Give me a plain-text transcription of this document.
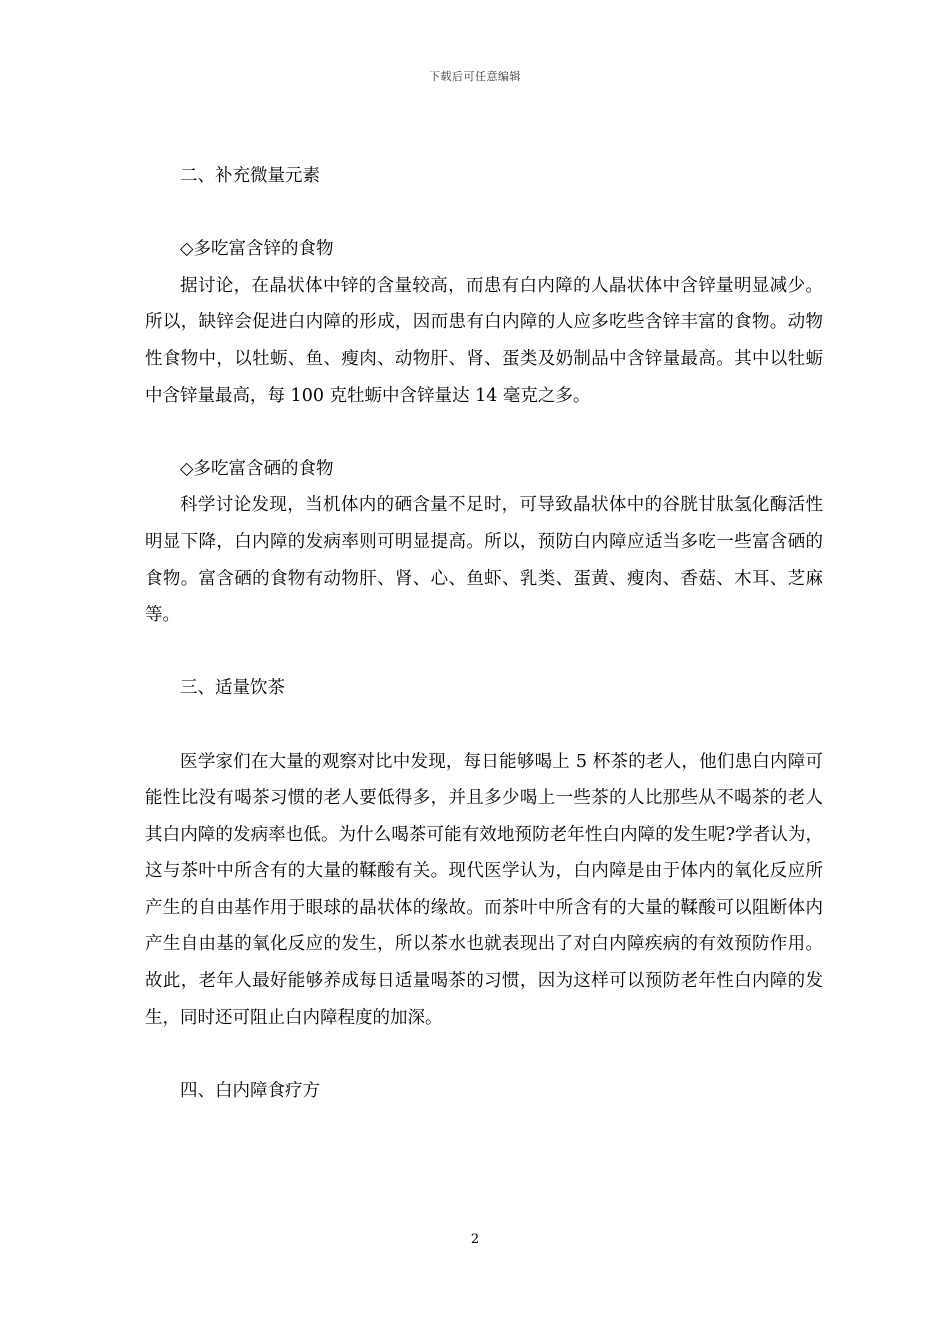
下载后可任意编辑

二、补充微量元素

◇多吃富含锌的食物

据讨论，在晶状体中锌的含量较高，而患有白内障的人晶状体中含锌量明显减少。所以，缺锌会促进白内障的形成，因而患有白内障的人应多吃些含锌丰富的食物。动物性食物中，以牡蛎、鱼、瘦肉、动物肝、肾、蛋类及奶制品中含锌量最高。其中以牡蛎中含锌量最高，每 100 克牡蛎中含锌量达 14 毫克之多。

◇多吃富含硒的食物

科学讨论发现，当机体内的硒含量不足时，可导致晶状体中的谷胱甘肽氢化酶活性明显下降，白内障的发病率则可明显提高。所以，预防白内障应适当多吃一些富含硒的食物。富含硒的食物有动物肝、肾、心、鱼虾、乳类、蛋黄、瘦肉、香菇、木耳、芝麻等。

三、适量饮茶

医学家们在大量的观察对比中发现，每日能够喝上 5 杯茶的老人，他们患白内障可能性比没有喝茶习惯的老人要低得多，并且多少喝上一些茶的人比那些从不喝茶的老人其白内障的发病率也低。为什么喝茶可能有效地预防老年性白内障的发生呢?学者认为，这与茶叶中所含有的大量的鞣酸有关。现代医学认为，白内障是由于体内的氧化反应所产生的自由基作用于眼球的晶状体的缘故。而茶叶中所含有的大量的鞣酸可以阻断体内产生自由基的氧化反应的发生，所以茶水也就表现出了对白内障疾病的有效预防作用。故此，老年人最好能够养成每日适量喝茶的习惯，因为这样可以预防老年性白内障的发生，同时还可阻止白内障程度的加深。

四、白内障食疗方

2
